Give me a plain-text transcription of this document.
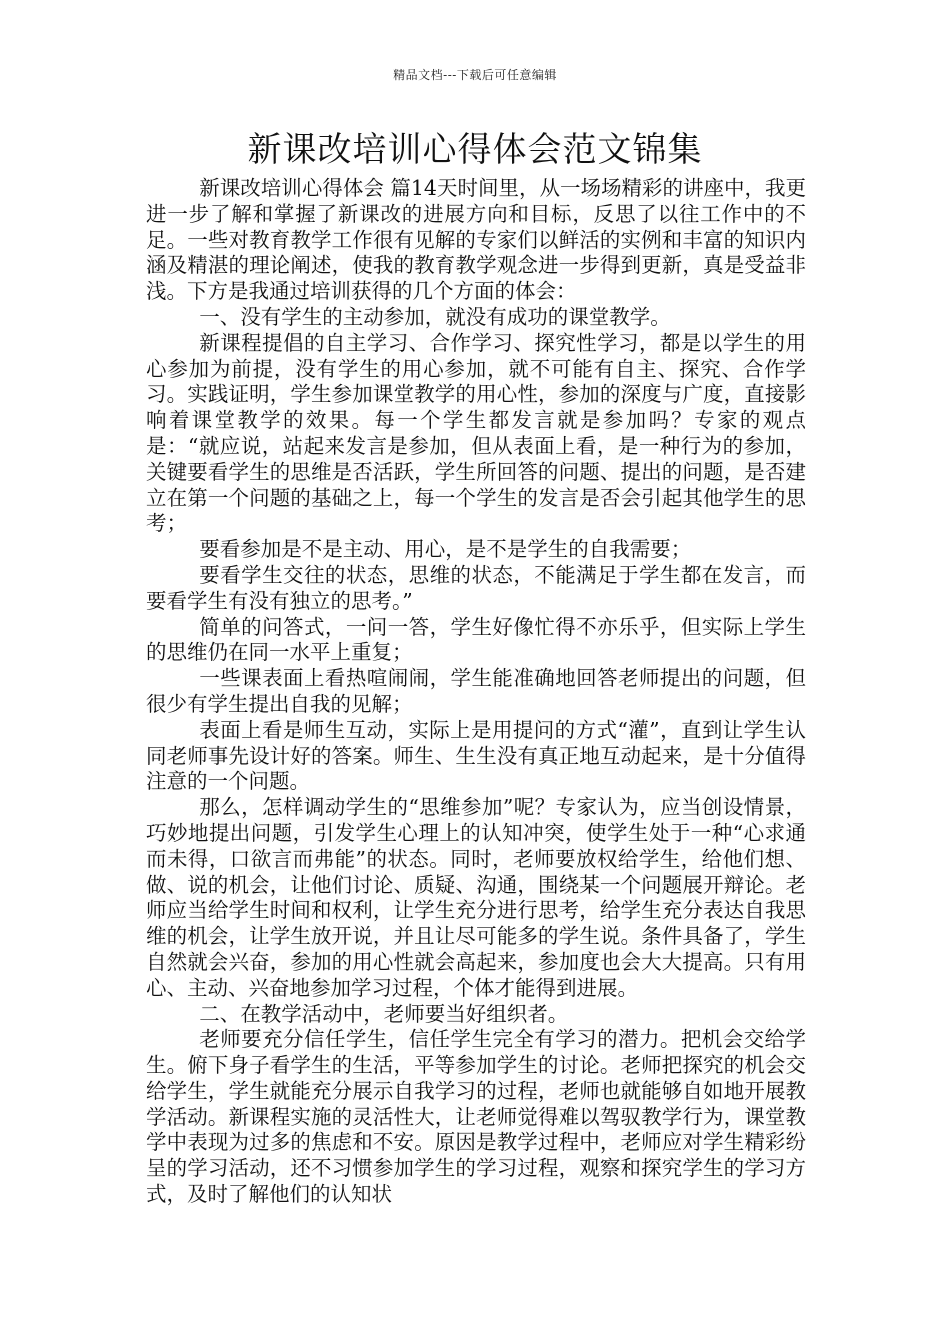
精品文档---下载后可任意编辑
新课改培训心得体会范文锦集

新课改培训心得体会 篇14天时间里，从一场场精彩的讲座中，我更进一步了解和掌握了新课改的进展方向和目标，反思了以往工作中的不足。一些对教育教学工作很有见解的专家们以鲜活的实例和丰富的知识内涵及精湛的理论阐述，使我的教育教学观念进一步得到更新，真是受益非浅。下方是我通过培训获得的几个方面的体会：

一、没有学生的主动参加，就没有成功的课堂教学。

新课程提倡的自主学习、合作学习、探究性学习，都是以学生的用心参加为前提，没有学生的用心参加，就不可能有自主、探究、合作学习。实践证明，学生参加课堂教学的用心性，参加的深度与广度，直接影响着课堂教学的效果。每一个学生都发言就是参加吗？专家的观点是：“就应说，站起来发言是参加，但从表面上看，是一种行为的参加，关键要看学生的思维是否活跃，学生所回答的问题、提出的问题，是否建立在第一个问题的基础之上，每一个学生的发言是否会引起其他学生的思考；

要看参加是不是主动、用心，是不是学生的自我需要；

要看学生交往的状态，思维的状态，不能满足于学生都在发言，而要看学生有没有独立的思考。”

简单的问答式，一问一答，学生好像忙得不亦乐乎，但实际上学生的思维仍在同一水平上重复；

一些课表面上看热喧闹闹，学生能准确地回答老师提出的问题，但很少有学生提出自我的见解；

表面上看是师生互动，实际上是用提问的方式“灌”，直到让学生认同老师事先设计好的答案。师生、生生没有真正地互动起来，是十分值得注意的一个问题。

那么，怎样调动学生的“思维参加”呢？专家认为，应当创设情景，巧妙地提出问题，引发学生心理上的认知冲突，使学生处于一种“心求通而未得，口欲言而弗能”的状态。同时，老师要放权给学生，给他们想、做、说的机会，让他们讨论、质疑、沟通，围绕某一个问题展开辩论。老师应当给学生时间和权利，让学生充分进行思考，给学生充分表达自我思维的机会，让学生放开说，并且让尽可能多的学生说。条件具备了，学生自然就会兴奋，参加的用心性就会高起来，参加度也会大大提高。只有用心、主动、兴奋地参加学习过程，个体才能得到进展。

二、在教学活动中，老师要当好组织者。

老师要充分信任学生，信任学生完全有学习的潜力。把机会交给学生。俯下身子看学生的生活，平等参加学生的讨论。老师把探究的机会交给学生，学生就能充分展示自我学习的过程，老师也就能够自如地开展教学活动。新课程实施的灵活性大，让老师觉得难以驾驭教学行为，课堂教学中表现为过多的焦虑和不安。原因是教学过程中，老师应对学生精彩纷呈的学习活动，还不习惯参加学生的学习过程，观察和探究学生的学习方式，及时了解他们的认知状
